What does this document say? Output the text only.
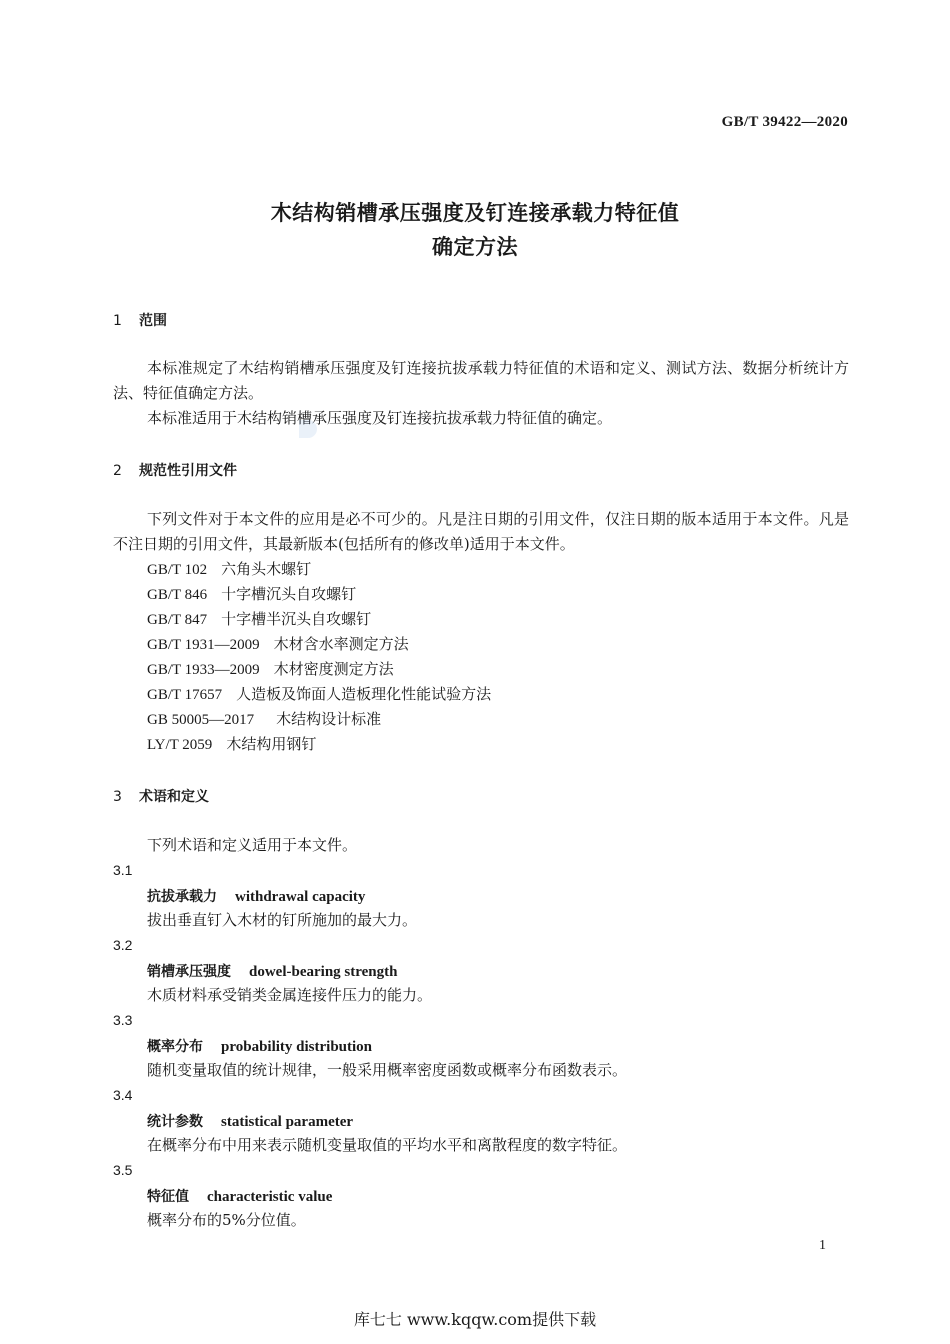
GB/T 39422—2020
木结构销槽承压强度及钉连接承载力特征值
确定方法
1 范围
本标准规定了木结构销槽承压强度及钉连接抗拔承载力特征值的术语和定义、测试方法、数据分析统计方法、特征值确定方法。
本标准适用于木结构销槽承压强度及钉连接抗拔承载力特征值的确定。
2 规范性引用文件
下列文件对于本文件的应用是必不可少的。凡是注日期的引用文件，仅注日期的版本适用于本文件。凡是不注日期的引用文件，其最新版本(包括所有的修改单)适用于本文件。
GB/T 102 六角头木螺钉
GB/T 846 十字槽沉头自攻螺钉
GB/T 847 十字槽半沉头自攻螺钉
GB/T 1931—2009 木材含水率测定方法
GB/T 1933—2009 木材密度测定方法
GB/T 17657 人造板及饰面人造板理化性能试验方法
GB 50005—2017 木结构设计标准
LY/T 2059 木结构用钢钉
3 术语和定义
下列术语和定义适用于本文件。
3.1
抗拔承载力 withdrawal capacity
拔出垂直钉入木材的钉所施加的最大力。
3.2
销槽承压强度 dowel-bearing strength
木质材料承受销类金属连接件压力的能力。
3.3
概率分布 probability distribution
随机变量取值的统计规律，一般采用概率密度函数或概率分布函数表示。
3.4
统计参数 statistical parameter
在概率分布中用来表示随机变量取值的平均水平和离散程度的数字特征。
3.5
特征值 characteristic value
概率分布的5%分位值。
1
库七七 www.kqqw.com提供下载
